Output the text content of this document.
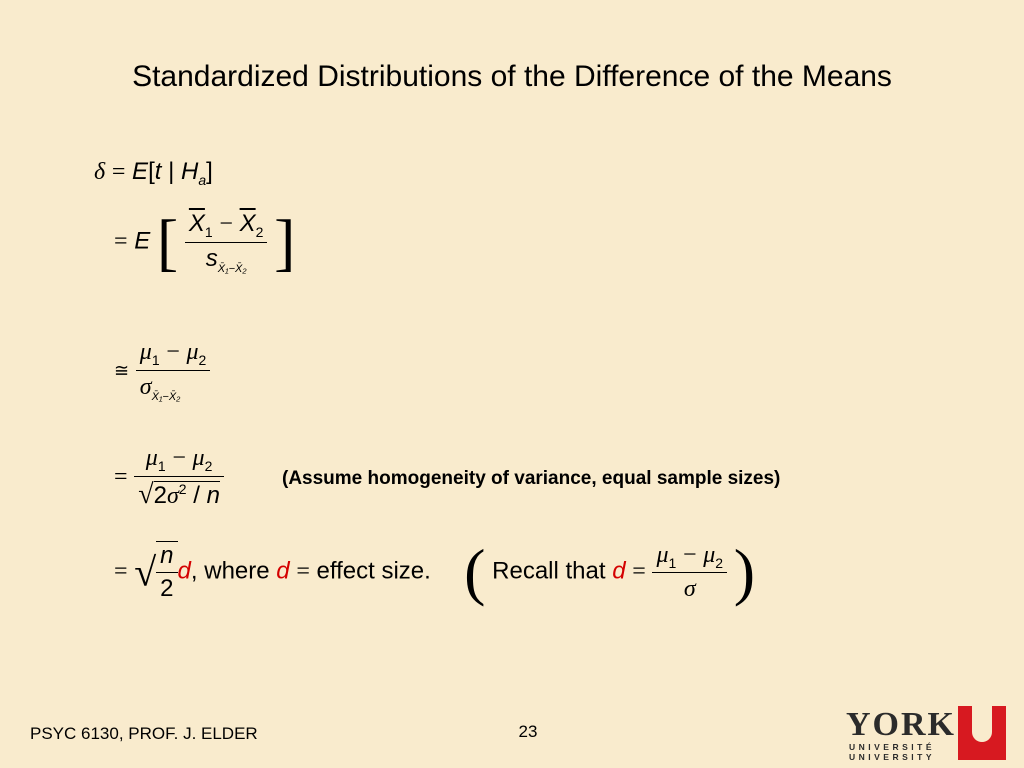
Standardized Distributions of the Difference of the Means
δ = E[t | $H_a$]
= E [ $\frac{\overline{X}_1 - \overline{X}_2}{s_{X̄_1-X̄_2}}$ ]
≅ $\frac{\mu_1 - \mu_2}{\sigma_{X̄_1-X̄_2}}$
= $\frac{\mu_1 - \mu_2}{√2\sigma^2 / n}$	(Assume homogeneity of variance, equal sample sizes)
= √ $\frac{n}{2} d$, where d = effect size. ( Recall that $d = \frac{\mu_1 - \mu_2}{\sigma}$ )
PSYC 6130, PROF. J. ELDER	23	YORK
UNIVERSITÉ
UNIVERSITY
